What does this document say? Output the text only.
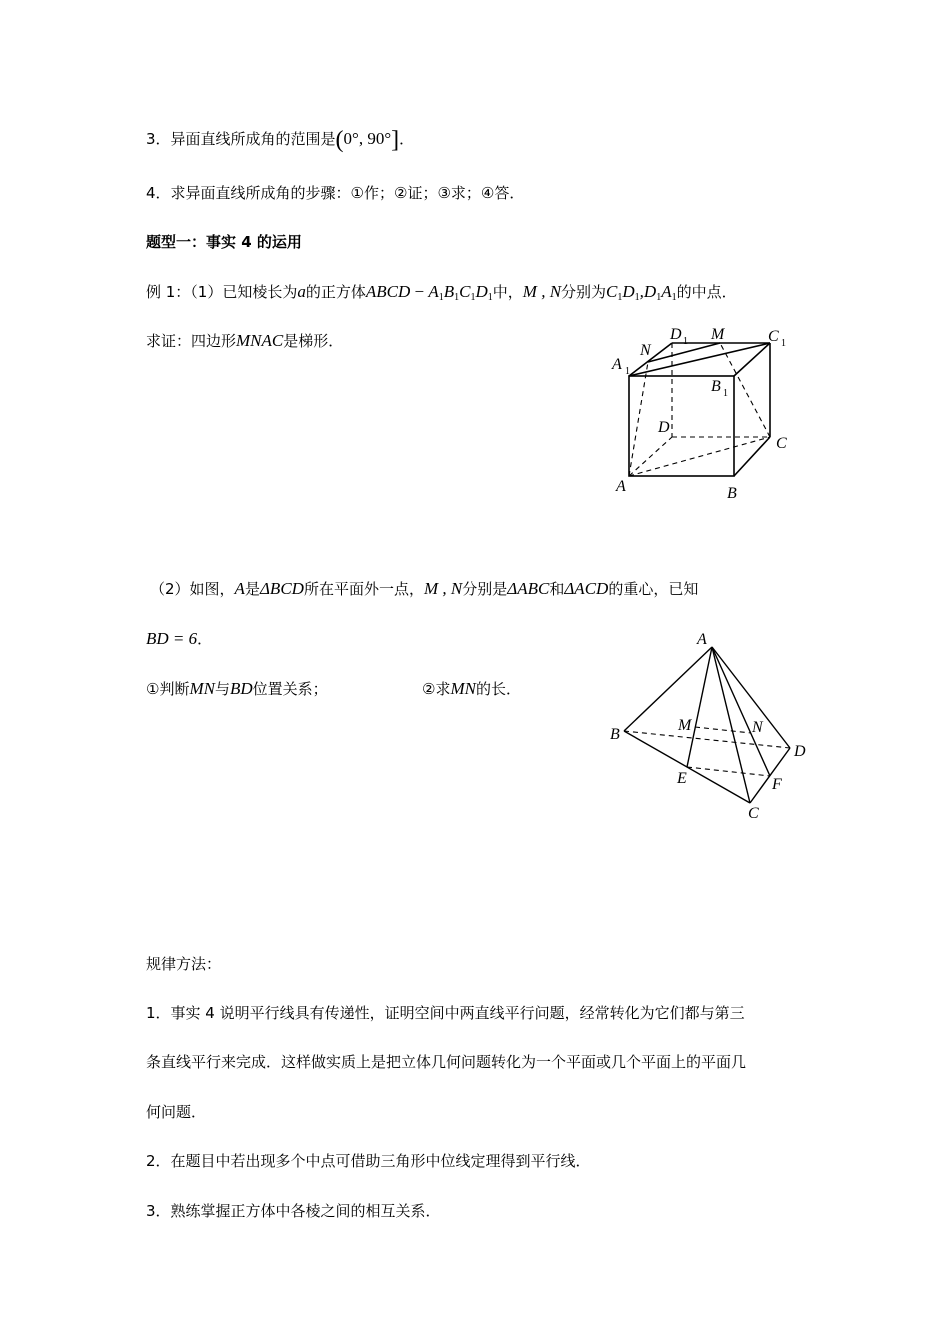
3．异面直线所成角的范围是(0°, 90°]．
4．求异面直线所成角的步骤：①作；②证；③求；④答．
题型一：事实 4 的运用
例 1：（1）已知棱长为a的正方体ABCD − $A_1B_1C_1D_1$中，M , N分别为$C_1D_1,D_1A_1$的中点．
求证：四边形MNAC是梯形．
A	B
C
D
A 1
B 1
C 1
D 1 M
N
（2）如图，A是ΔBCD所在平面外一点，M , N分别是ΔABC和ΔACD的重心，已知
BD = 6．
①判断MN与BD位置关系；	②求MN的长．
A
B
C
D
E	F
M	N
规律方法：
1．事实 4 说明平行线具有传递性，证明空间中两直线平行问题，经常转化为它们都与第三
条直线平行来完成．这样做实质上是把立体几何问题转化为一个平面或几个平面上的平面几
何问题．
2．在题目中若出现多个中点可借助三角形中位线定理得到平行线．
3．熟练掌握正方体中各棱之间的相互关系．
